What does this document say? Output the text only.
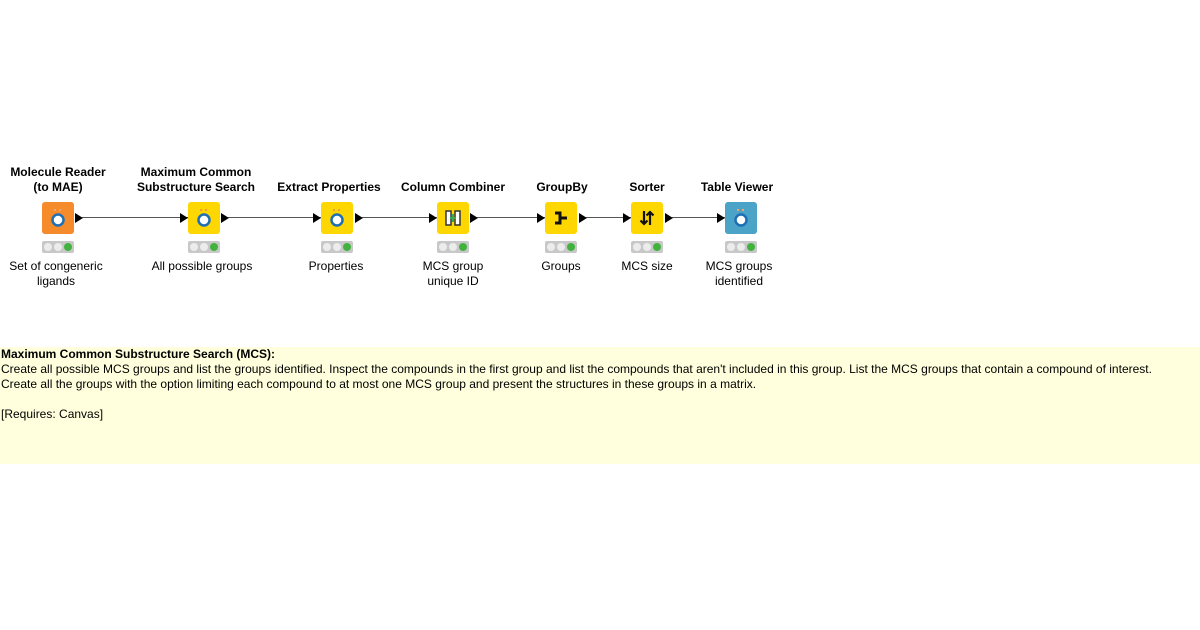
Molecule Reader
(to MAE)
Set of congeneric
ligands
Maximum Common
Substructure Search
All possible groups
Extract Properties
Properties
Column Combiner
MCS group
unique ID
GroupBy
Groups
Sorter
MCS size
Table Viewer
MCS groups
identified

Maximum Common Substructure Search (MCS):

Create all possible MCS groups and list the groups identified. Inspect the compounds in the first group and list the compounds that aren't included in this group. List the MCS groups that contain a compound of interest.

Create all the groups with the option limiting each compound to at most one MCS group and present the structures in these groups in a matrix.

[Requires: Canvas]
